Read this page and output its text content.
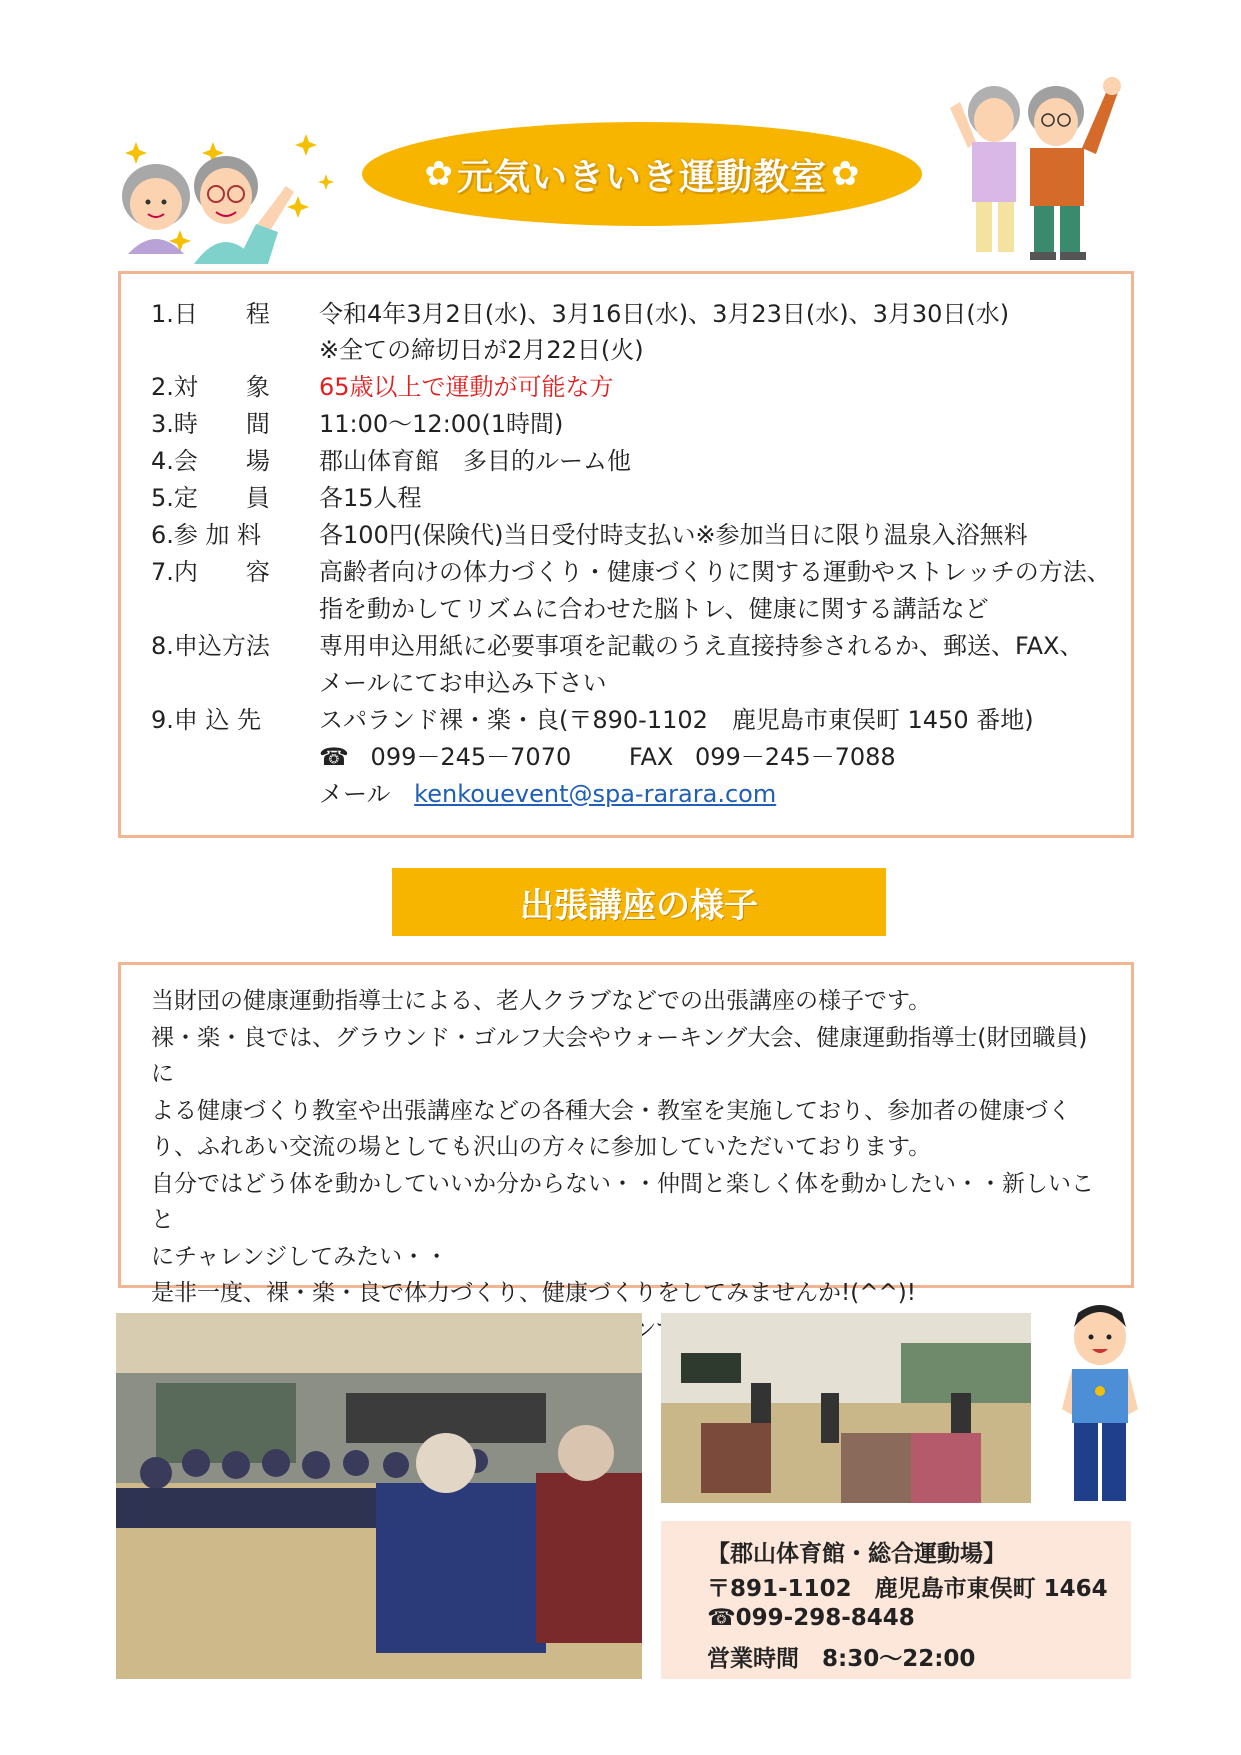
✿ 元気いきいき運動教室 ✿
1.日　　程 令和4年3月2日(水)、3月16日(水)、3月23日(水)、3月30日(水)
※全ての締切日が2月22日(火)
2.対　　象 65歳以上で運動が可能な方
3.時　　間 11:00～12:00(1時間)
4.会　　場 郡山体育館　多目的ルーム他
5.定　　員 各15人程
6.参 加 料 各100円(保険代)当日受付時支払い※参加当日に限り温泉入浴無料
7.内　　容 高齢者向けの体力づくり・健康づくりに関する運動やストレッチの方法、
指を動かしてリズムに合わせた脳トレ、健康に関する講話など
8.申込方法 専用申込用紙に必要事項を記載のうえ直接持参されるか、郵送、FAX、
メールにてお申込み下さい
9.申 込 先 スパランド裸・楽・良(〒890-1102　鹿児島市東俣町 1450 番地)
☎ 099－245－7070 FAX 099－245－7088
メール kenkouevent@spa-rarara.com
出張講座の様子

当財団の健康運動指導士による、老人クラブなどでの出張講座の様子です。

裸・楽・良では、グラウンド・ゴルフ大会やウォーキング大会、健康運動指導士(財団職員)に

よる健康づくり教室や出張講座などの各種大会・教室を実施しており、参加者の健康づく

り、ふれあい交流の場としても沢山の方々に参加していただいております。

自分ではどう体を動かしていいか分からない・・仲間と楽しく体を動かしたい・・新しいこと

にチャレンジしてみたい・・

是非一度、裸・楽・良で体力づくり、健康づくりをしてみませんか!(^^)!

【郡山体育館・総合運動場】
〒891-1102　鹿児島市東俣町 1464
☎099-298-8448
営業時間　8:30～22:00
